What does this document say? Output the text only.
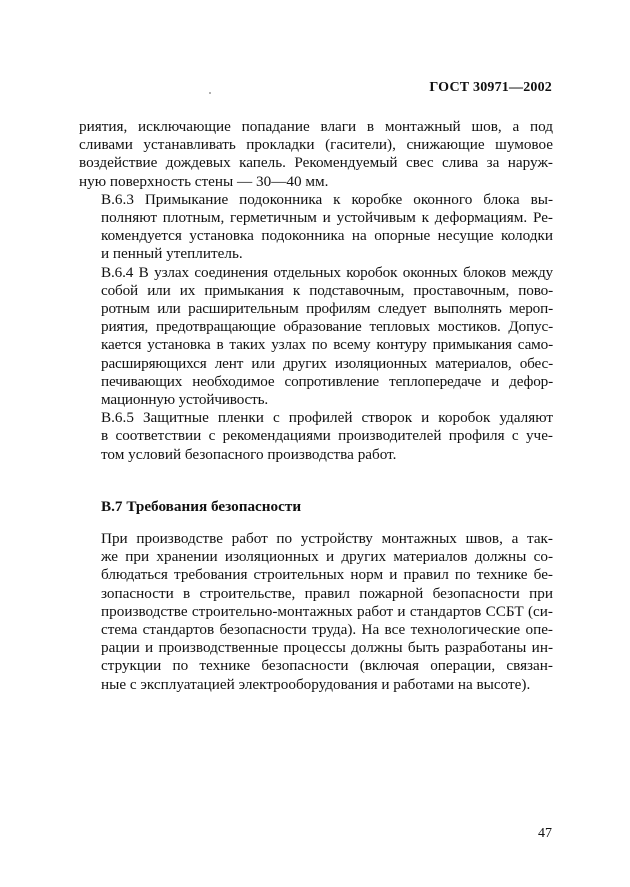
ГОСТ 30971—2002

риятия, исключающие попадание влаги в монтажный шов, а под
сливами устанавливать прокладки (гасители), снижающие шумовое
воздействие дождевых капель. Рекомендуемый свес слива за наруж-
ную поверхность стены — 30—40 мм.

В.6.3 Примыкание подоконника к коробке оконного блока вы-
полняют плотным, герметичным и устойчивым к деформациям. Ре-
комендуется установка подоконника на опорные несущие колодки
и пенный утеплитель.

В.6.4 В узлах соединения отдельных коробок оконных блоков между
собой или их примыкания к подставочным, проставочным, пово-
ротным или расширительным профилям следует выполнять мероп-
риятия, предотвращающие образование тепловых мостиков. Допус-
кается установка в таких узлах по всему контуру примыкания само-
расширяющихся лент или других изоляционных материалов, обес-
печивающих необходимое сопротивление теплопередаче и дефор-
мационную устойчивость.

В.6.5 Защитные пленки с профилей створок и коробок удаляют
в соответствии с рекомендациями производителей профиля с уче-
том условий безопасного производства работ.

В.7 Требования безопасности

При производстве работ по устройству монтажных швов, а так-
же при хранении изоляционных и других материалов должны со-
блюдаться требования строительных норм и правил по технике бе-
зопасности в строительстве, правил пожарной безопасности при
производстве строительно-монтажных работ и стандартов ССБТ (си-
стема стандартов безопасности труда). На все технологические опе-
рации и производственные процессы должны быть разработаны ин-
струкции по технике безопасности (включая операции, связан-
ные с эксплуатацией электрооборудования и работами на высоте).

47
